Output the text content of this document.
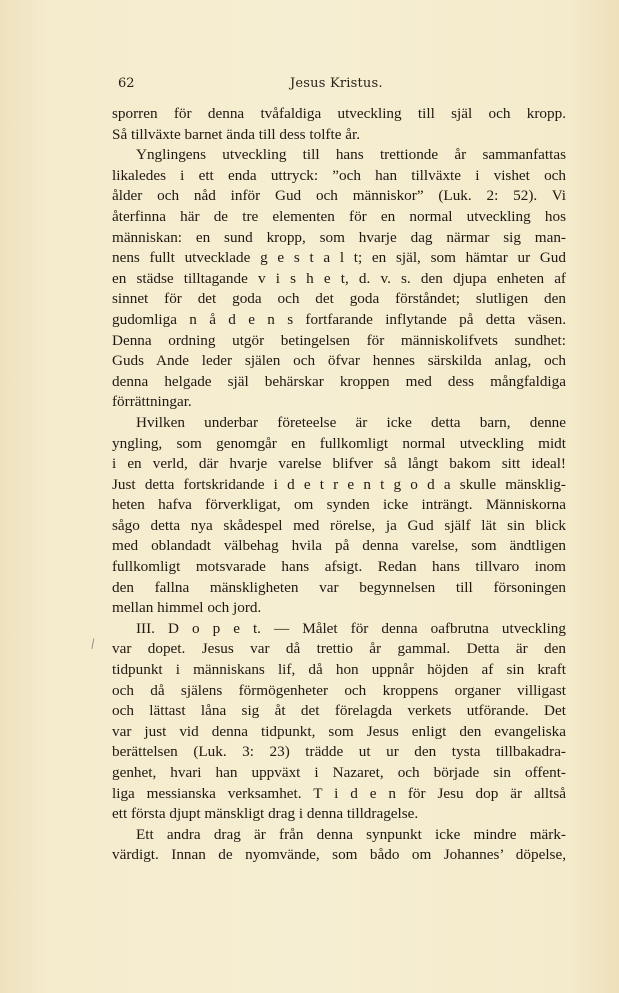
62	Jesus Kristus.
⁄
sporren för denna tvåfaldiga utveckling till själ och kropp.
Så tillväxte barnet ända till dess tolfte år.
Ynglingens utveckling till hans trettionde år sammanfattas
likaledes i ett enda uttryck: ”och han tillväxte i vishet och
ålder och nåd inför Gud och människor” (Luk. 2: 52). Vi
återfinna här de tre elementen för en normal utveckling hos
människan: en sund kropp, som hvarje dag närmar sig man-
nens fullt utvecklade g e s t a l t; en själ, som hämtar ur Gud
en städse tilltagande v i s h e t, d. v. s. den djupa enheten af
sinnet för det goda och det goda förståndet; slutligen den
gudomliga n å d e n s fortfarande inflytande på detta väsen.
Denna ordning utgör betingelsen för människolifvets sundhet:
Guds Ande leder själen och öfvar hennes särskilda anlag, och
denna helgade själ behärskar kroppen med dess mångfaldiga
förrättningar.
Hvilken underbar företeelse är icke detta barn, denne
yngling, som genomgår en fullkomligt normal utveckling midt
i en verld, där hvarje varelse blifver så långt bakom sitt ideal!
Just detta fortskridande i d e t r e n t g o d a skulle mänsklig-
heten hafva förverkligat, om synden icke inträngt. Människorna
sågo detta nya skådespel med rörelse, ja Gud själf lät sin blick
med oblandadt välbehag hvila på denna varelse, som ändtligen
fullkomligt motsvarade hans afsigt. Redan hans tillvaro inom
den fallna mänskligheten var begynnelsen till försoningen
mellan himmel och jord.
III. D o p e t. — Målet för denna oafbrutna utveckling
var dopet. Jesus var då trettio år gammal. Detta är den
tidpunkt i människans lif, då hon uppnår höjden af sin kraft
och då själens förmögenheter och kroppens organer villigast
och lättast låna sig åt det förelagda verkets utförande. Det
var just vid denna tidpunkt, som Jesus enligt den evangeliska
berättelsen (Luk. 3: 23) trädde ut ur den tysta tillbakadra-
genhet, hvari han uppväxt i Nazaret, och började sin offent-
liga messianska verksamhet. T i d e n för Jesu dop är alltså
ett första djupt mänskligt drag i denna tilldragelse.
Ett andra drag är från denna synpunkt icke mindre märk-
värdigt. Innan de nyomvände, som bådo om Johannes’ döpelse,
